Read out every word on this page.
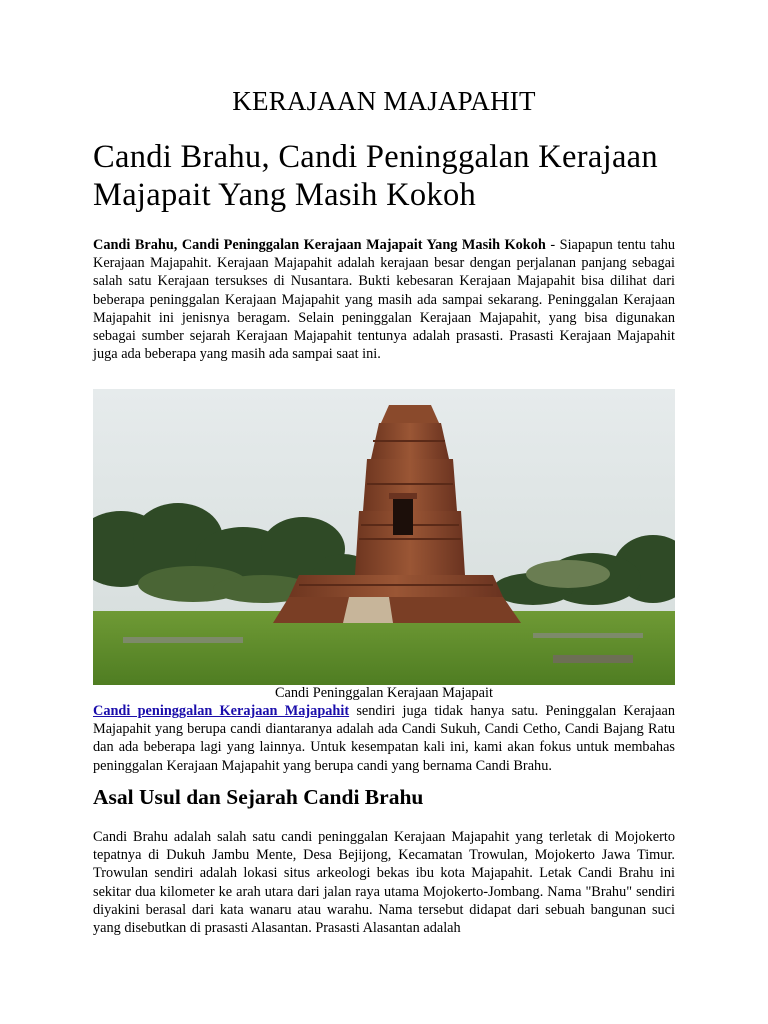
KERAJAAN MAJAPAHIT
Candi Brahu, Candi Peninggalan Kerajaan Majapait Yang Masih Kokoh
Candi Brahu, Candi Peninggalan Kerajaan Majapait Yang Masih Kokoh - Siapapun tentu tahu Kerajaan Majapahit. Kerajaan Majapahit adalah kerajaan besar dengan perjalanan panjang sebagai salah satu Kerajaan tersukses di Nusantara. Bukti kebesaran Kerajaan Majapahit bisa dilihat dari beberapa peninggalan Kerajaan Majapahit yang masih ada sampai sekarang. Peninggalan Kerajaan Majapahit ini jenisnya beragam. Selain peninggalan Kerajaan Majapahit, yang bisa digunakan sebagai sumber sejarah Kerajaan Majapahit tentunya adalah prasasti. Prasasti Kerajaan Majapahit juga ada beberapa yang masih ada sampai saat ini.
Candi Peninggalan Kerajaan Majapait
Candi peninggalan Kerajaan Majapahit sendiri juga tidak hanya satu. Peninggalan Kerajaan Majapahit yang berupa candi diantaranya adalah ada Candi Sukuh, Candi Cetho, Candi Bajang Ratu dan ada beberapa lagi yang lainnya. Untuk kesempatan kali ini, kami akan fokus untuk membahas peninggalan Kerajaan Majapahit yang berupa candi yang bernama Candi Brahu.
Asal Usul dan Sejarah Candi Brahu
Candi Brahu adalah salah satu candi peninggalan Kerajaan Majapahit yang terletak di Mojokerto tepatnya di Dukuh Jambu Mente, Desa Bejijong, Kecamatan Trowulan, Mojokerto Jawa Timur. Trowulan sendiri adalah lokasi situs arkeologi bekas ibu kota Majapahit. Letak Candi Brahu ini sekitar dua kilometer ke arah utara dari jalan raya utama Mojokerto-Jombang. Nama "Brahu" sendiri diyakini berasal dari kata wanaru atau warahu. Nama tersebut didapat dari sebuah bangunan suci yang disebutkan di prasasti Alasantan. Prasasti Alasantan adalah
